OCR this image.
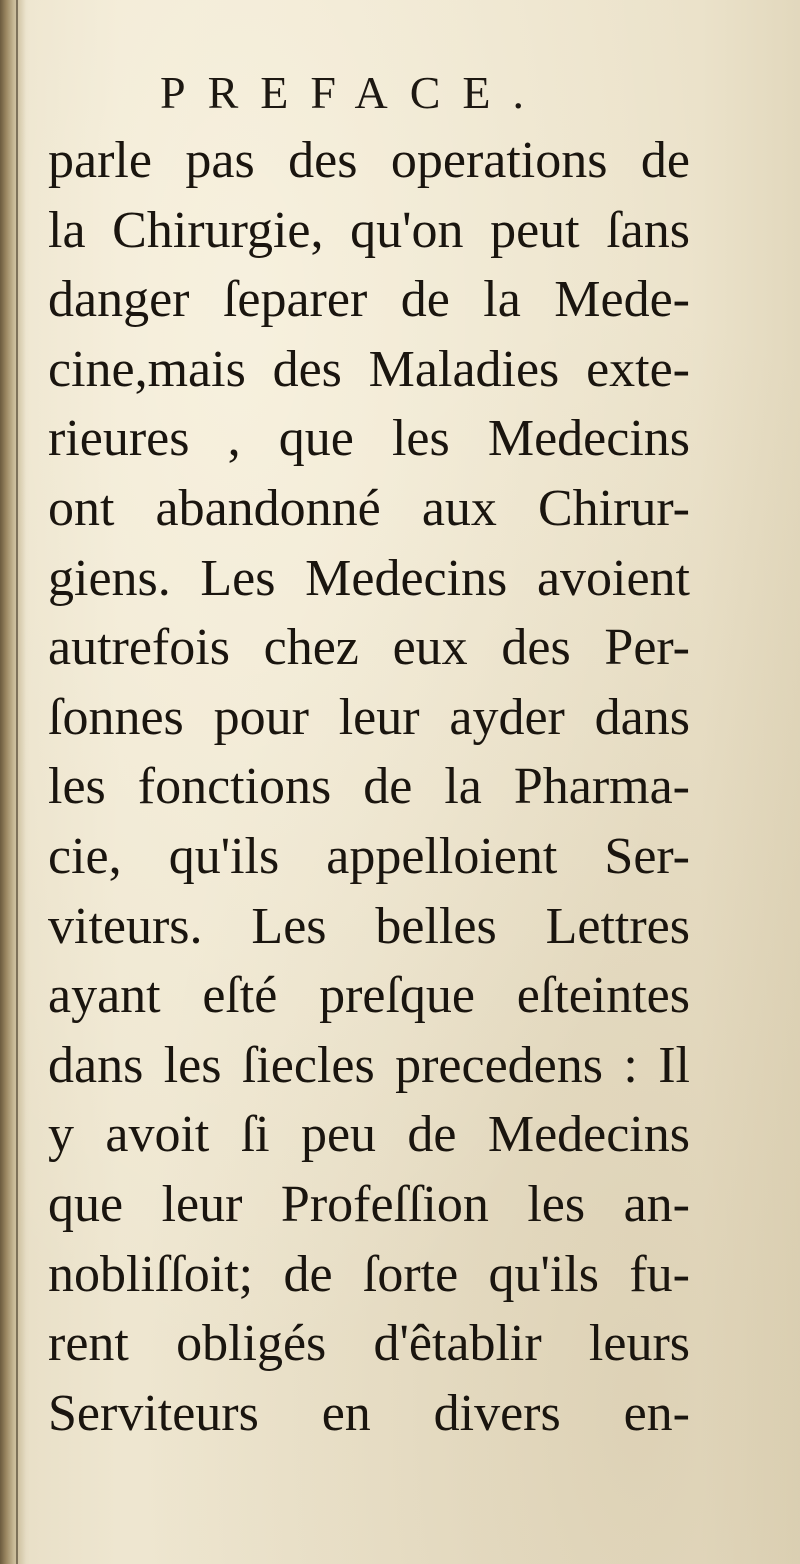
PREFACE.
parle pas des operations de
la Chirurgie, qu'on peut ſans
danger ſeparer de la Mede-
cine,mais des Maladies exte-
rieures , que les Medecins
ont abandonné aux Chirur-
giens. Les Medecins avoient
autrefois chez eux des Per-
ſonnes pour leur ayder dans
les fonctions de la Pharma-
cie, qu'ils appelloient Ser-
viteurs. Les belles Lettres
ayant eſté preſque eſteintes
dans les ſiecles precedens : Il
y avoit ſi peu de Medecins
que leur Profeſſion les an-
nobliſſoit; de ſorte qu'ils fu-
rent obligés d'êtablir leurs
Serviteurs en divers en-
